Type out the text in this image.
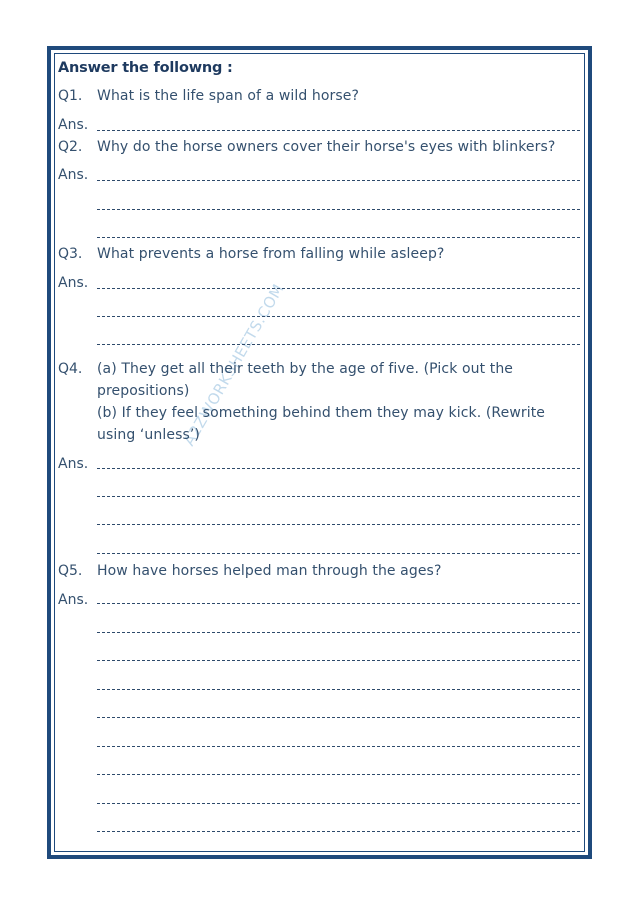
A2ZWORKSHEETS.COM
Answer the followng :
Q1. What is the life span of a wild horse?
Ans.
Q2. Why do the horse owners cover their horse's eyes with blinkers?
Ans.
Q3. What prevents a horse from falling while asleep?
Ans.
Q4. (a) They get all their teeth by the age of five. (Pick out the
prepositions)
(b) If they feel something behind them they may kick. (Rewrite
using ‘unless’)
Ans.
Q5. How have horses helped man through the ages?
Ans.
